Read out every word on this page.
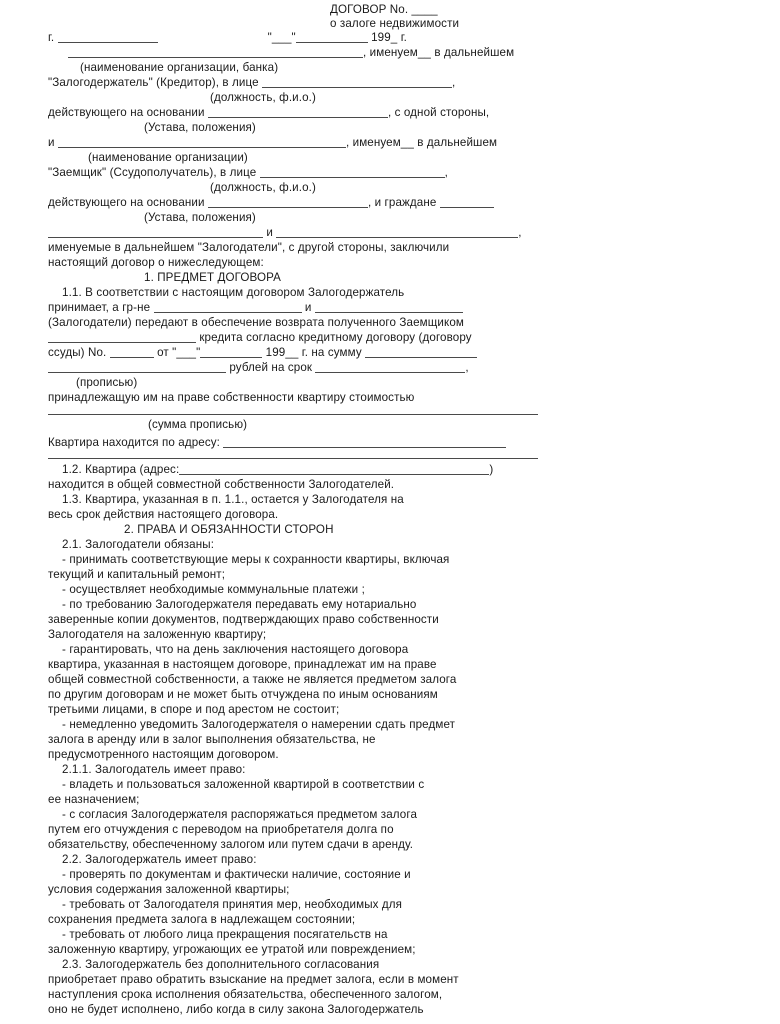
ДОГОВОР No. ____
о залоге недвижимости
г.	"___"	199_ г.
, именуем__ в дальнейшем
(наименование организации, банка)
"Залогодержатель" (Кредитор), в лице	,
(должность, ф.и.о.)
действующего на основании	, с одной стороны,
(Устава, положения)
и	, именуем__ в дальнейшем
(наименование организации)
"Заемщик" (Ссудополучатель), в лице	,
(должность, ф.и.о.)
действующего на основании	, и граждане
(Устава, положения)
и	,
именуемые в дальнейшем "Залогодатели", с другой стороны, заключили
настоящий договор о нижеследующем:
1. ПРЕДМЕТ ДОГОВОРА
1.1. В соответствии с настоящим договором Залогодержатель
принимает, а гр-не	и
(Залогодатели) передают в обеспечение возврата полученного Заемщиком
кредита согласно кредитному договору (договору
ссуды) No.	от "___"	199__ г. на сумму
рублей на срок	,
(прописью)
принадлежащую им на праве собственности квартиру стоимостью
(сумма прописью)
Квартира находится по адресу:
1.2. Квартира (адрес:	)
находится в общей совместной собственности Залогодателей.
1.3. Квартира, указанная в п. 1.1., остается у Залогодателя на
весь срок действия настоящего договора.
2. ПРАВА И ОБЯЗАННОСТИ СТОРОН
2.1. Залогодатели обязаны:
- принимать соответствующие меры к сохранности квартиры, включая
текущий и капитальный ремонт;
- осуществляет необходимые коммунальные платежи ;
- по требованию Залогодержателя передавать ему нотариально
заверенные копии документов, подтверждающих право собственности
Залогодателя на заложенную квартиру;
- гарантировать, что на день заключения настоящего договора
квартира, указанная в настоящем договоре, принадлежат им на праве
общей совместной собственности, а также не является предметом залога
по другим договорам и не может быть отчуждена по иным основаниям
третьими лицами, в споре и под арестом не состоит;
- немедленно уведомить Залогодержателя о намерении сдать предмет
залога в аренду или в залог выполнения обязательства, не
предусмотренного настоящим договором.
2.1.1. Залогодатель имеет право:
- владеть и пользоваться заложенной квартирой в соответствии с
ее назначением;
- с согласия Залогодержателя распоряжаться предметом залога
путем его отчуждения с переводом на приобретателя долга по
обязательству, обеспеченному залогом или путем сдачи в аренду.
2.2. Залогодержатель имеет право:
- проверять по документам и фактически наличие, состояние и
условия содержания заложенной квартиры;
- требовать от Залогодателя принятия мер, необходимых для
сохранения предмета залога в надлежащем состоянии;
- требовать от любого лица прекращения посягательств на
заложенную квартиру, угрожающих ее утратой или повреждением;
2.3. Залогодержатель без дополнительного согласования
приобретает право обратить взыскание на предмет залога, если в момент
наступления срока исполнения обязательства, обеспеченного залогом,
оно не будет исполнено, либо когда в силу закона Залогодержатель
